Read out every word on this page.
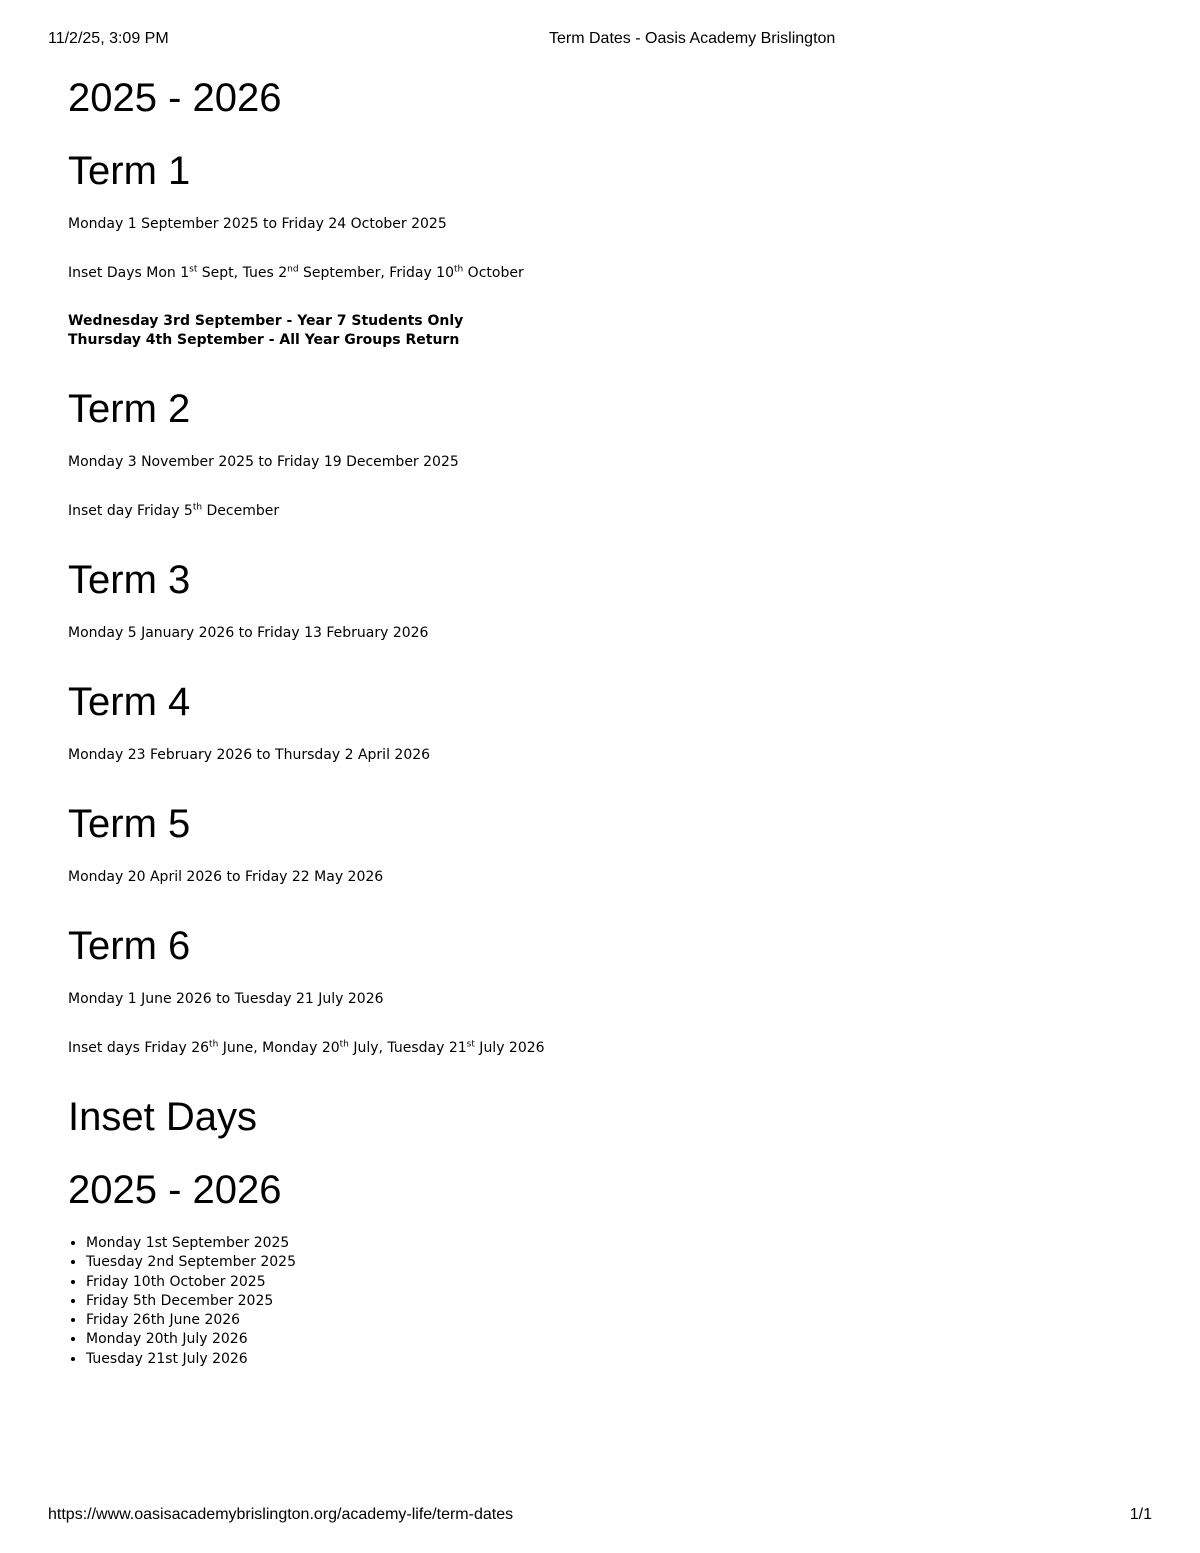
11/2/25, 3:09 PM	Term Dates - Oasis Academy Brislington
2025 - 2026
Term 1

Monday 1 September 2025 to Friday 24 October 2025

Inset Days Mon 1st Sept, Tues 2nd September, Friday 10th October

Wednesday 3rd September - Year 7 Students Only

Thursday 4th September - All Year Groups Return

Term 2

Monday 3 November 2025 to Friday 19 December 2025

Inset day Friday 5th December

Term 3

Monday 5 January 2026 to Friday 13 February 2026

Term 4

Monday 23 February 2026 to Thursday 2 April 2026

Term 5

Monday 20 April 2026 to Friday 22 May 2026

Term 6

Monday 1 June 2026 to Tuesday 21 July 2026

Inset days Friday 26th June, Monday 20th July, Tuesday 21st July 2026

Inset Days
2025 - 2026
• Monday 1st September 2025
• Tuesday 2nd September 2025
• Friday 10th October 2025
• Friday 5th December 2025
• Friday 26th June 2026
• Monday 20th July 2026
• Tuesday 21st July 2026
https://www.oasisacademybrislington.org/academy-life/term-dates	1/1
